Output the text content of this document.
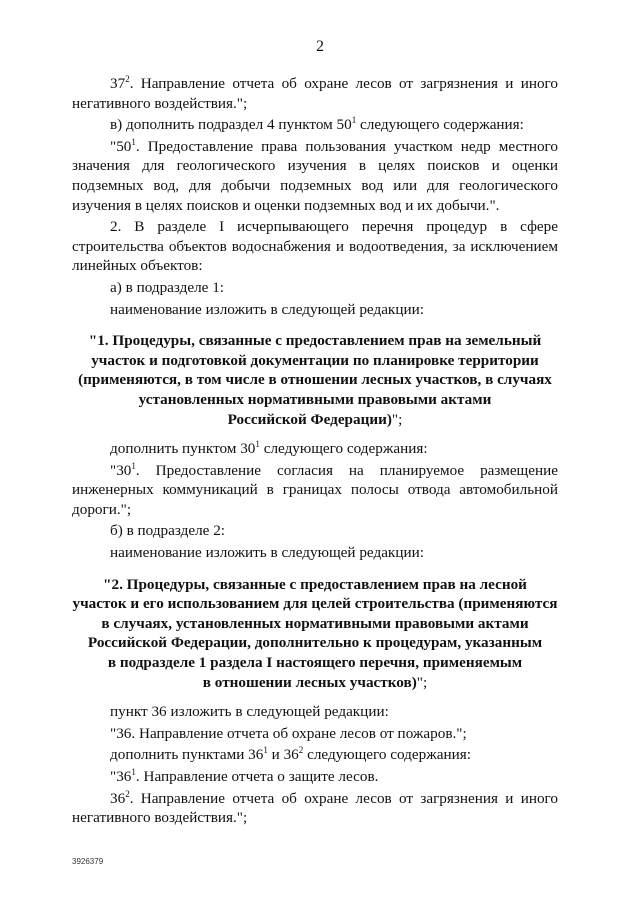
2

$37^2$. Направление отчета об охране лесов от загрязнения и иного негативного воздействия.";

в) дополнить подраздел 4 пунктом $50^1$ следующего содержания:

"$50^1$. Предоставление права пользования участком недр местного значения для геологического изучения в целях поисков и оценки подземных вод, для добычи подземных вод или для геологического изучения в целях поисков и оценки подземных вод и их добычи.".

2. В разделе I исчерпывающего перечня процедур в сфере строительства объектов водоснабжения и водоотведения, за исключением линейных объектов:

а) в подразделе 1:

наименование изложить в следующей редакции:

"1. Процедуры, связанные с предоставлением прав на земельный
участок и подготовкой документации по планировке территории
(применяются, в том числе в отношении лесных участков, в случаях
установленных нормативными правовыми актами
Российской Федерации)";

дополнить пунктом $30^1$ следующего содержания:

"$30^1$. Предоставление согласия на планируемое размещение инженерных коммуникаций в границах полосы отвода автомобильной дороги.";

б) в подразделе 2:

наименование изложить в следующей редакции:

"2. Процедуры, связанные с предоставлением прав на лесной
участок и его использованием для целей строительства (применяются
в случаях, установленных нормативными правовыми актами
Российской Федерации, дополнительно к процедурам, указанным
в подразделе 1 раздела I настоящего перечня, применяемым
в отношении лесных участков)";

пункт 36 изложить в следующей редакции:

"36. Направление отчета об охране лесов от пожаров.";

дополнить пунктами $36^1$ и $36^2$ следующего содержания:

"$36^1$. Направление отчета о защите лесов.

$36^2$. Направление отчета об охране лесов от загрязнения и иного негативного воздействия.";

3926379
